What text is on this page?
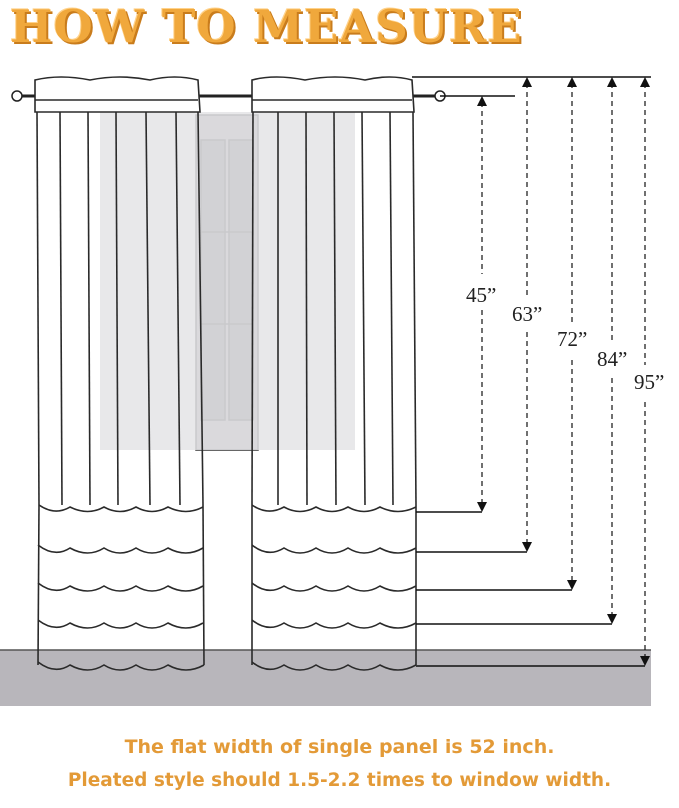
HOW TO MEASURE
45”
63”
72”
84”
95”
The flat width of single panel is 52 inch.
Pleated style should 1.5-2.2 times to window width.
